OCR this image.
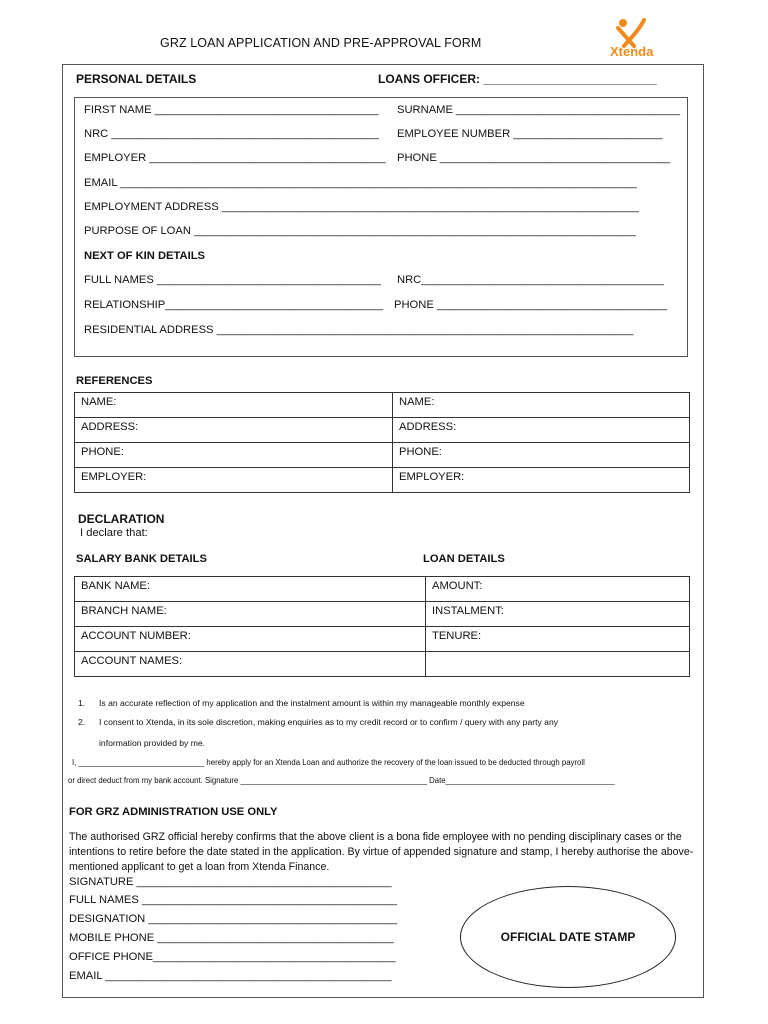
GRZ LOAN APPLICATION AND PRE-APPROVAL FORM
Xtenda
PERSONAL DETAILS	LOANS OFFICER: __________________________
FIRST NAME ____________________________________ SURNAME ____________________________________
NRC ___________________________________________ EMPLOYEE NUMBER ________________________
EMPLOYER ______________________________________ PHONE _____________________________________
EMAIL ___________________________________________________________________________________
EMPLOYMENT ADDRESS ___________________________________________________________________
PURPOSE OF LOAN _______________________________________________________________________
NEXT OF KIN DETAILS
FULL NAMES ____________________________________ NRC_______________________________________
RELATIONSHIP___________________________________ PHONE _____________________________________
RESIDENTIAL ADDRESS ___________________________________________________________________
REFERENCES
NAME:	NAME:
ADDRESS:	ADDRESS:
PHONE:	PHONE:
EMPLOYER:	EMPLOYER:
DECLARATION
I declare that:
SALARY BANK DETAILS	LOAN DETAILS
BANK NAME:	AMOUNT:
BRANCH NAME:	INSTALMENT:
ACCOUNT NUMBER:	TENURE:
ACCOUNT NAMES:	
1. Is an accurate reflection of my application and the instalment amount is within my manageable monthly expense
2. I consent to Xtenda, in its sole discretion, making enquiries as to my credit record or to confirm / query with any party any
information provided by me.
I, _____________________________ hereby apply for an Xtenda Loan and authorize the recovery of the loan issued to be deducted through payroll
or direct deduct from my bank account. Signature ___________________________________________ Date_______________________________________
FOR GRZ ADMINISTRATION USE ONLY
The authorised GRZ official hereby confirms that the above client is a bona fide employee with no pending disciplinary cases or the intentions to retire before the date stated in the application. By virtue of appended signature and stamp, I hereby authorise the above-mentioned applicant to get a loan from Xtenda Finance.
SIGNATURE _________________________________________
FULL NAMES _________________________________________
DESIGNATION ________________________________________
MOBILE PHONE ______________________________________
OFFICE PHONE_______________________________________
EMAIL ______________________________________________
OFFICIAL DATE STAMP
